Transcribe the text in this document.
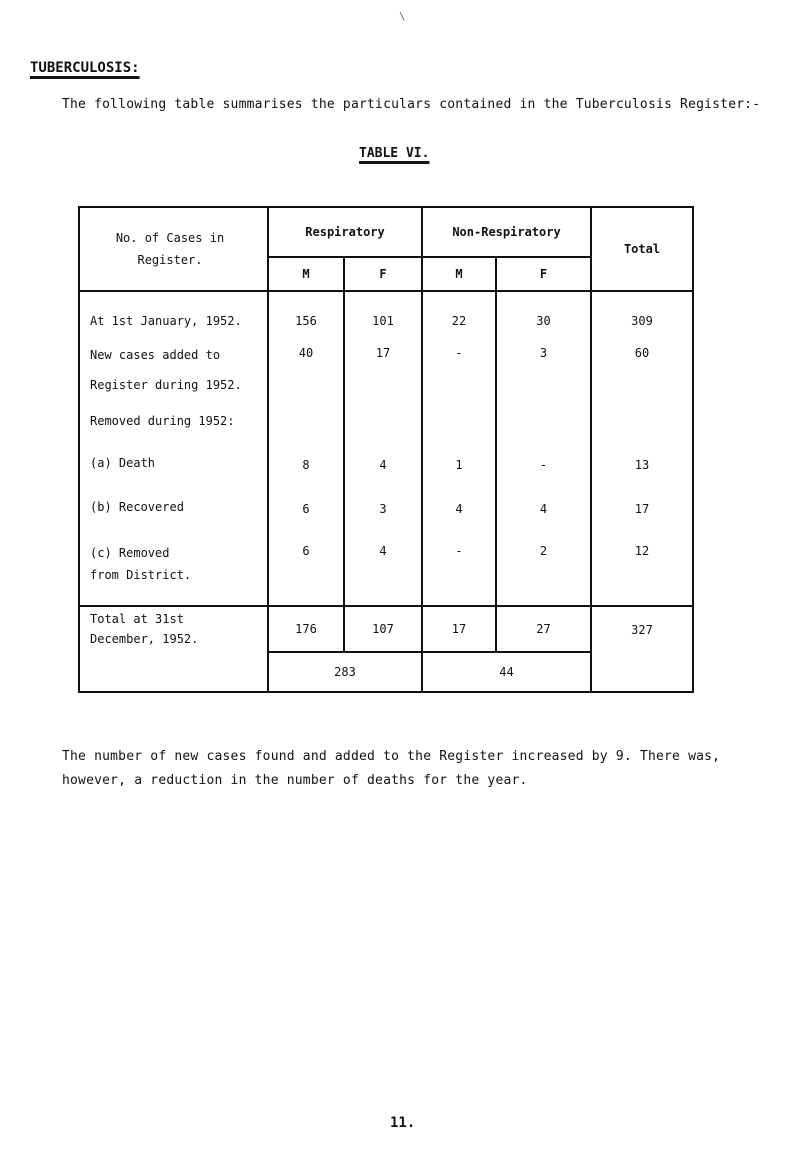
\
TUBERCULOSIS:
The following table summarises the particulars contained in the Tuberculosis Register:-
TABLE VI.
No. of Cases in Register.	Respiratory		Non-Respiratory		Total
	M	F	M	F	
At 1st January, 1952.	156	101	22	30	309
New cases added to Register during 1952.	40	17	-	3	60
Removed during 1952:					
(a) Death	8	4	1	-	13
(b) Recovered	6	3	4	4	17

(c) Removed from District.	6	4	-	2	12

Total at 31st December, 1952.	176	107	17	27	327
	283		44		
The number of new cases found and added to the Register increased by 9. There was, however, a reduction in the number of deaths for the year.
11.
